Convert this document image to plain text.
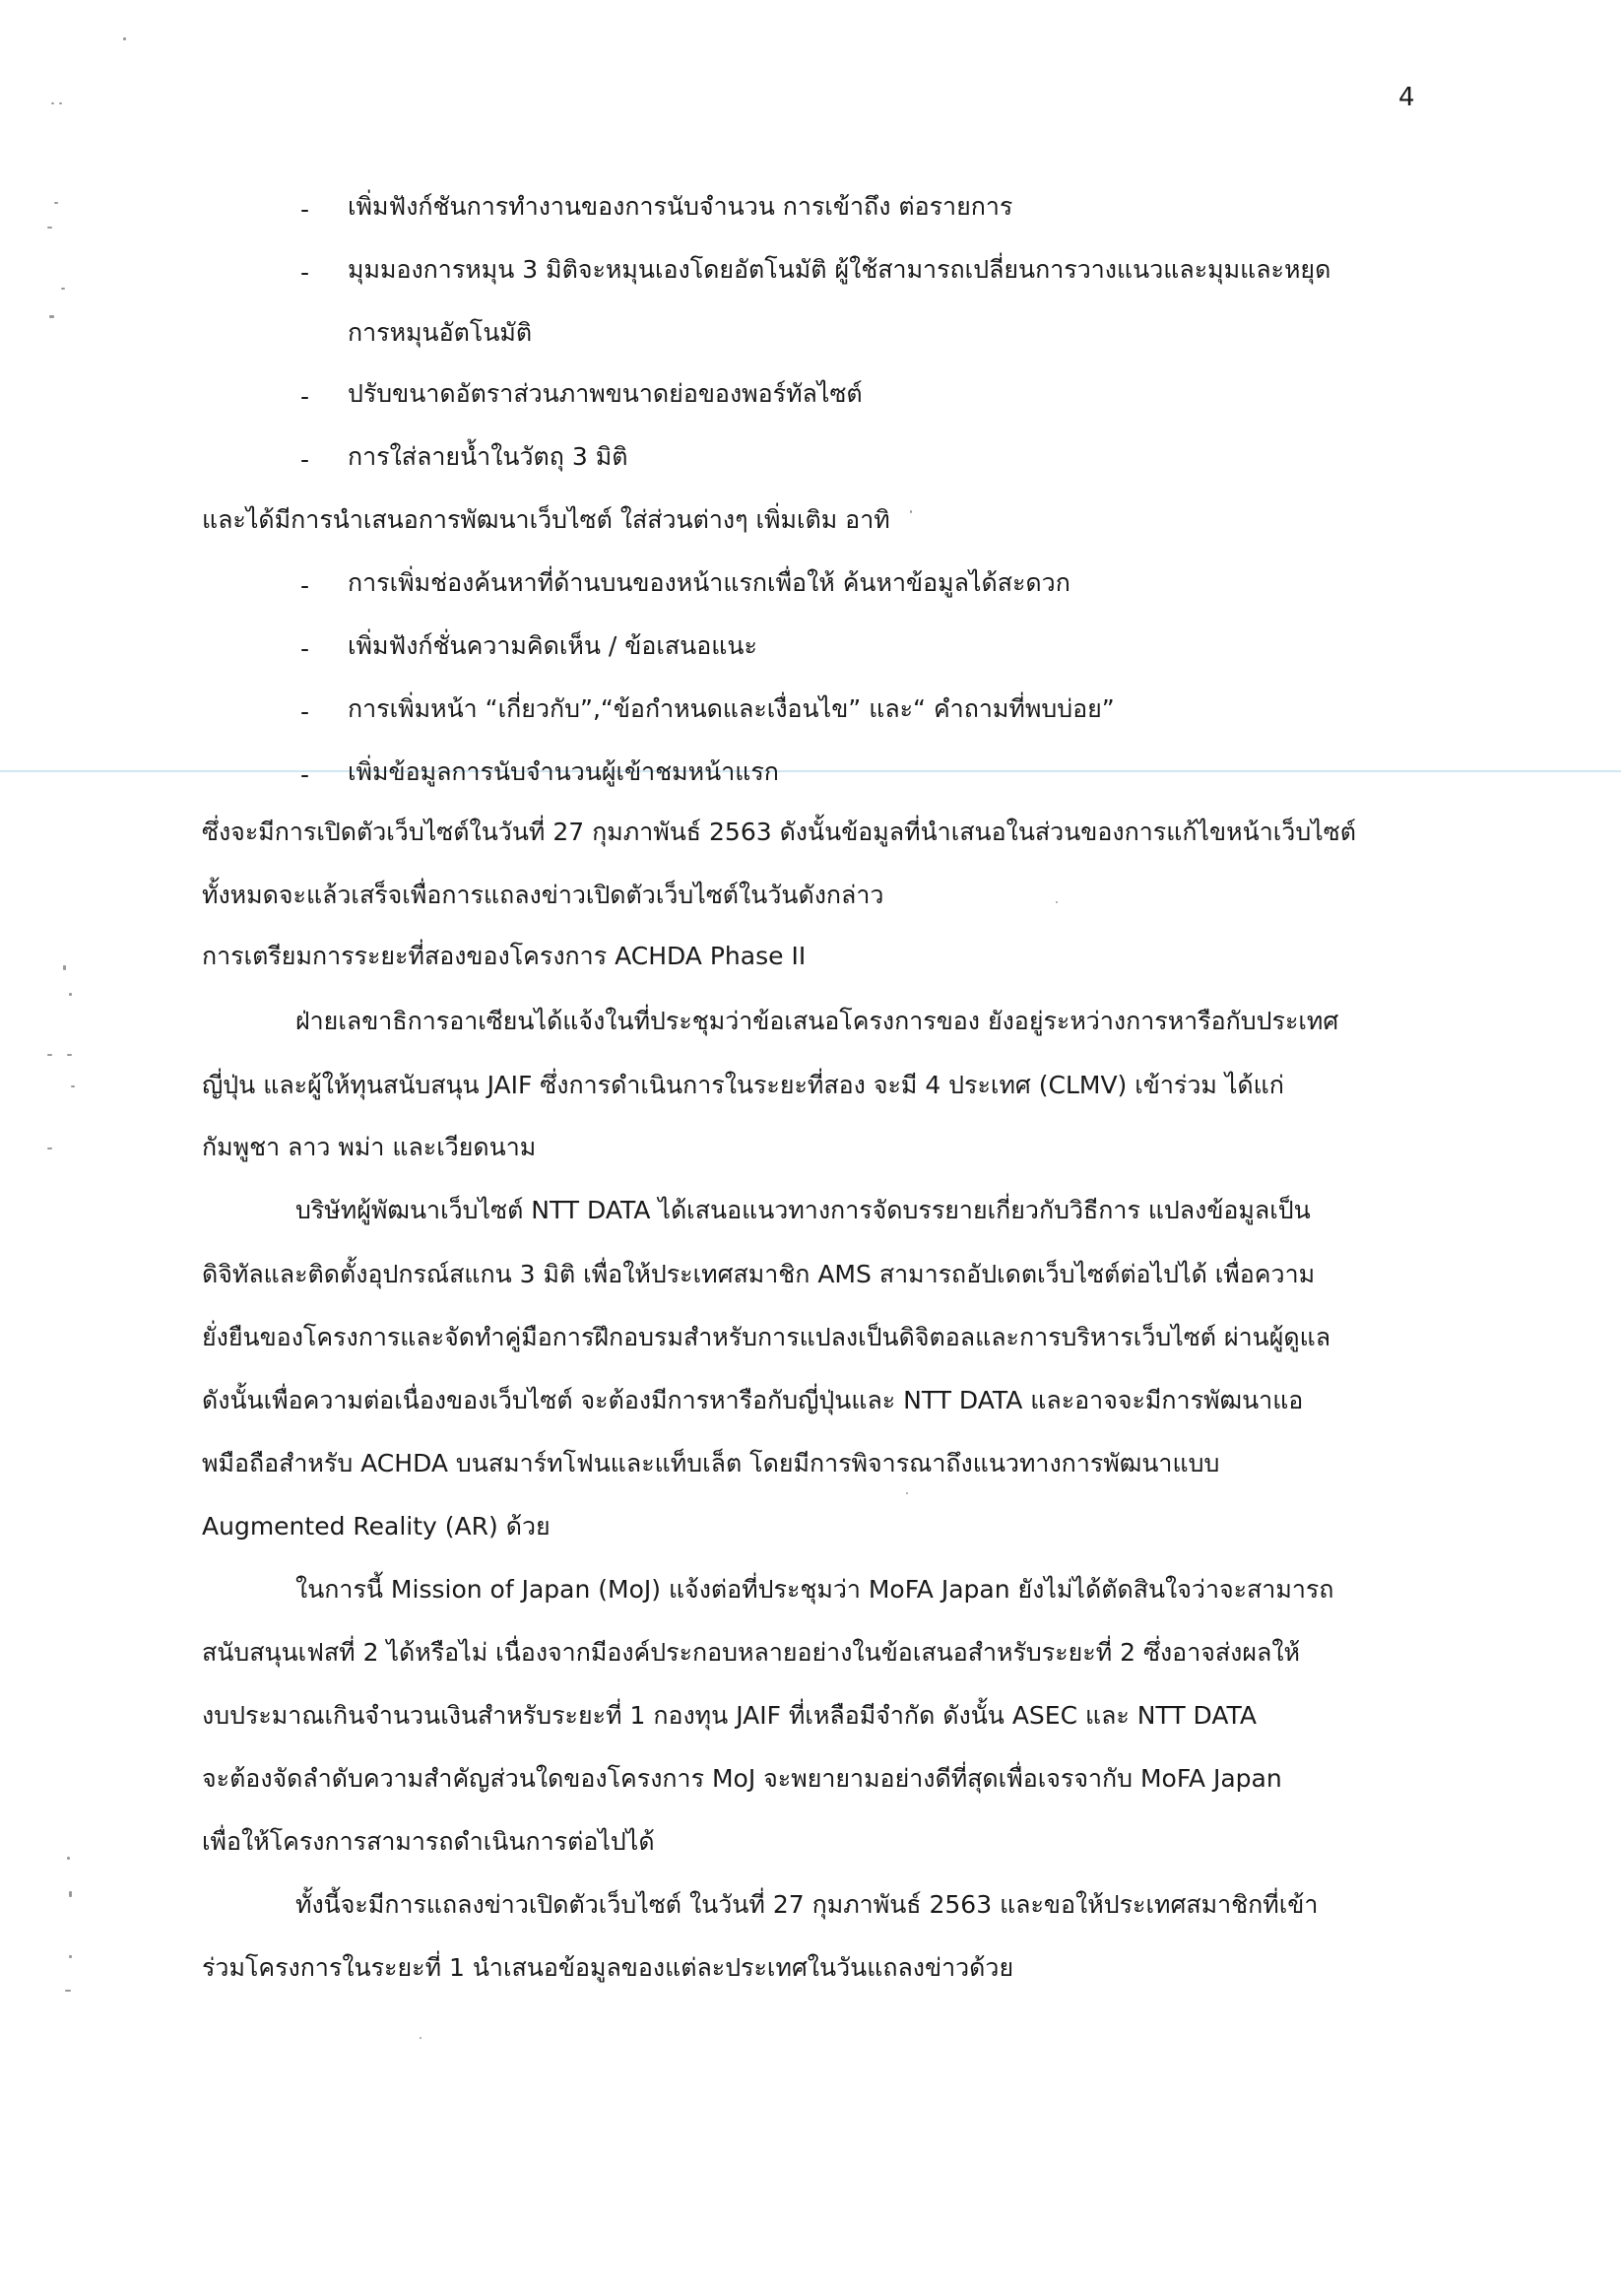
4
- เพิ่มฟังก์ชันการทำงานของการนับจำนวน การเข้าถึง ต่อรายการ
- มุมมองการหมุน 3 มิติจะหมุนเองโดยอัตโนมัติ ผู้ใช้สามารถเปลี่ยนการวางแนวและมุมและหยุด
การหมุนอัตโนมัติ
- ปรับขนาดอัตราส่วนภาพขนาดย่อของพอร์ทัลไซต์
- การใส่ลายน้ำในวัตถุ 3 มิติ
และได้มีการนำเสนอการพัฒนาเว็บไซต์ ใส่ส่วนต่างๆ เพิ่มเติม อาทิ
- การเพิ่มช่องค้นหาที่ด้านบนของหน้าแรกเพื่อให้ ค้นหาข้อมูลได้สะดวก
- เพิ่มฟังก์ชั่นความคิดเห็น / ข้อเสนอแนะ
- การเพิ่มหน้า “เกี่ยวกับ”,“ข้อกำหนดและเงื่อนไข” และ“ คำถามที่พบบ่อย”
- เพิ่มข้อมูลการนับจำนวนผู้เข้าชมหน้าแรก
ซึ่งจะมีการเปิดตัวเว็บไซต์ในวันที่ 27 กุมภาพันธ์ 2563 ดังนั้นข้อมูลที่นำเสนอในส่วนของการแก้ไขหน้าเว็บไซต์
ทั้งหมดจะแล้วเสร็จเพื่อการแถลงข่าวเปิดตัวเว็บไซต์ในวันดังกล่าว
การเตรียมการระยะที่สองของโครงการ ACHDA Phase II
ฝ่ายเลขาธิการอาเซียนได้แจ้งในที่ประชุมว่าข้อเสนอโครงการของ ยังอยู่ระหว่างการหารือกับประเทศ
ญี่ปุ่น และผู้ให้ทุนสนับสนุน JAIF ซึ่งการดำเนินการในระยะที่สอง จะมี 4 ประเทศ (CLMV) เข้าร่วม ได้แก่
กัมพูชา ลาว พม่า และเวียดนาม
บริษัทผู้พัฒนาเว็บไซต์ NTT DATA ได้เสนอแนวทางการจัดบรรยายเกี่ยวกับวิธีการ แปลงข้อมูลเป็น
ดิจิทัลและติดตั้งอุปกรณ์สแกน 3 มิติ เพื่อให้ประเทศสมาชิก AMS สามารถอัปเดตเว็บไซต์ต่อไปได้ เพื่อความ
ยั่งยืนของโครงการและจัดทำคู่มือการฝึกอบรมสำหรับการแปลงเป็นดิจิตอลและการบริหารเว็บไซต์ ผ่านผู้ดูแล
ดังนั้นเพื่อความต่อเนื่องของเว็บไซต์ จะต้องมีการหารือกับญี่ปุ่นและ NTT DATA และอาจจะมีการพัฒนาแอ
พมือถือสำหรับ ACHDA บนสมาร์ทโฟนและแท็บเล็ต โดยมีการพิจารณาถึงแนวทางการพัฒนาแบบ
Augmented Reality (AR) ด้วย
ในการนี้ Mission of Japan (MoJ) แจ้งต่อที่ประชุมว่า MoFA Japan ยังไม่ได้ตัดสินใจว่าจะสามารถ
สนับสนุนเฟสที่ 2 ได้หรือไม่ เนื่องจากมีองค์ประกอบหลายอย่างในข้อเสนอสำหรับระยะที่ 2 ซึ่งอาจส่งผลให้
งบประมาณเกินจำนวนเงินสำหรับระยะที่ 1 กองทุน JAIF ที่เหลือมีจำกัด ดังนั้น ASEC และ NTT DATA
จะต้องจัดลำดับความสำคัญส่วนใดของโครงการ MoJ จะพยายามอย่างดีที่สุดเพื่อเจรจากับ MoFA Japan
เพื่อให้โครงการสามารถดำเนินการต่อไปได้
ทั้งนี้จะมีการแถลงข่าวเปิดตัวเว็บไซต์ ในวันที่ 27 กุมภาพันธ์ 2563 และขอให้ประเทศสมาชิกที่เข้า
ร่วมโครงการในระยะที่ 1 นำเสนอข้อมูลของแต่ละประเทศในวันแถลงข่าวด้วย
